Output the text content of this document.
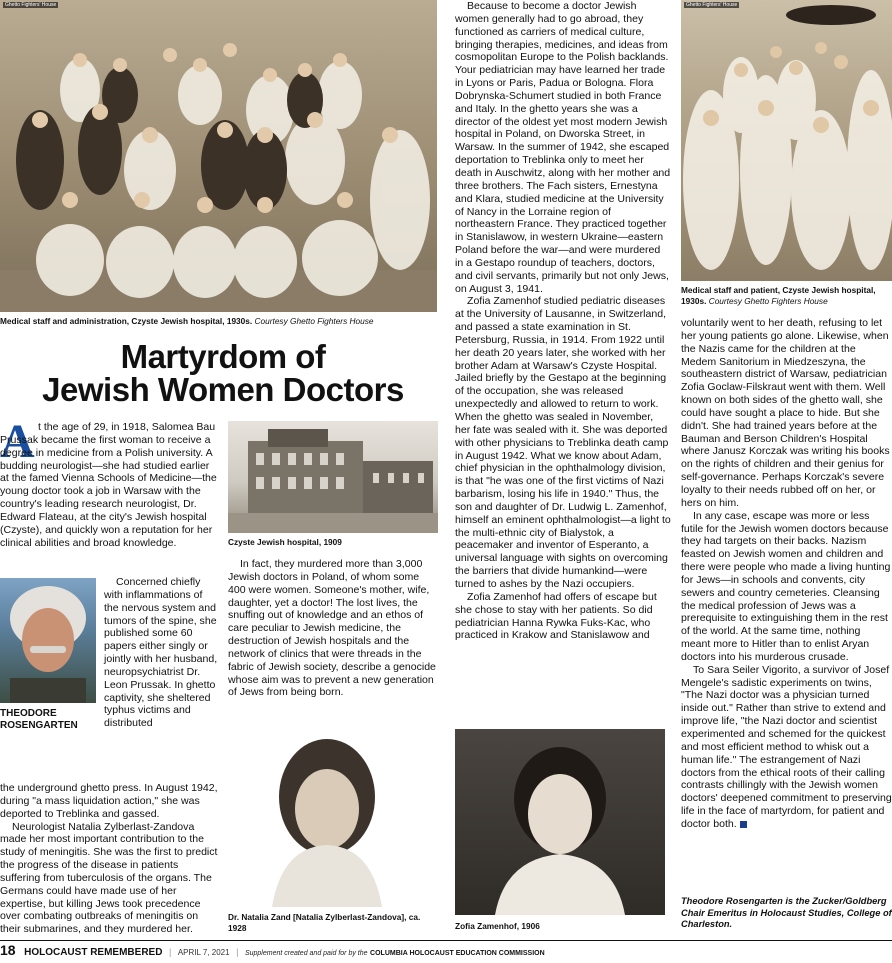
Ghetto Fighters' House
Medical staff and administration, Czyste Jewish hospital, 1930s. Courtesy Ghetto Fighters House
Ghetto Fighters' House
Medical staff and patient, Czyste Jewish hospital, 1930s. Courtesy Ghetto Fighters House
Martyrdom of
Jewish Women Doctors
A t the age of 29, in 1918, Salomea Bau Prussak became the first woman to receive a degree in medicine from a Polish university. A budding neurologist—she had studied earlier at the famed Vienna Schools of Medicine—the young doctor took a job in Warsaw with the country's leading research neurologist, Dr. Edward Flateau, at the city's Jewish hospital (Czyste), and quickly won a reputation for her clinical abilities and broad knowledge.

THEODORE
ROSENGARTEN

Concerned chiefly with inflammations of the nervous system and tumors of the spine, she published some 60 papers either singly or jointly with her husband, neuropsychiatrist Dr. Leon Prussak. In ghetto captivity, she sheltered typhus victims and distributed

the underground ghetto press. In August 1942, during "a mass liquidation action," she was deported to Treblinka and gassed.

Neurologist Natalia Zylberlast-Zandova made her most important contribution to the study of meningitis. She was the first to predict the progress of the disease in patients suffering from tuberculosis of the organs. The Germans could have made use of her expertise, but killing Jews took precedence over combating outbreaks of meningitis on their submarines, and they murdered her.

Czyste Jewish hospital, 1909

In fact, they murdered more than 3,000 Jewish doctors in Poland, of whom some 400 were women. Someone's mother, wife, daughter, yet a doctor! The lost lives, the snuffing out of knowledge and an ethos of care peculiar to Jewish medicine, the destruction of Jewish hospitals and the network of clinics that were threads in the fabric of Jewish society, describe a genocide whose aim was to prevent a new generation of Jews from being born.

Dr. Natalia Zand [Natalia Zylberlast-Zandova], ca. 1928

Because to become a doctor Jewish women generally had to go abroad, they functioned as carriers of medical culture, bringing therapies, medicines, and ideas from cosmopolitan Europe to the Polish backlands. Your pediatrician may have learned her trade in Lyons or Paris, Padua or Bologna. Flora Dobrynska-Schumert studied in both France and Italy. In the ghetto years she was a director of the oldest yet most modern Jewish hospital in Poland, on Dworska Street, in Warsaw. In the summer of 1942, she escaped deportation to Treblinka only to meet her death in Auschwitz, along with her mother and three brothers. The Fach sisters, Ernestyna and Klara, studied medicine at the University of Nancy in the Lorraine region of northeastern France. They practiced together in Stanislawow, in western Ukraine—eastern Poland before the war—and were murdered in a Gestapo roundup of teachers, doctors, and civil servants, primarily but not only Jews, on August 3, 1941.

Zofia Zamenhof studied pediatric diseases at the University of Lausanne, in Switzerland, and passed a state examination in St. Petersburg, Russia, in 1914. From 1922 until her death 20 years later, she worked with her brother Adam at Warsaw's Czyste Hospital. Jailed briefly by the Gestapo at the beginning of the occupation, she was released unexpectedly and allowed to return to work. When the ghetto was sealed in November, her fate was sealed with it. She was deported with other physicians to Treblinka death camp in August 1942. What we know about Adam, chief physician in the ophthalmology division, is that "he was one of the first victims of Nazi barbarism, losing his life in 1940." Thus, the son and daughter of Dr. Ludwig L. Zamenhof, himself an eminent ophthalmologist—a light to the multi-ethnic city of Bialystok, a peacemaker and inventor of Esperanto, a universal language with sights on overcoming the barriers that divide humankind—were turned to ashes by the Nazi occupiers.

Zofia Zamenhof had offers of escape but she chose to stay with her patients. So did pediatrician Hanna Rywka Fuks-Kac, who practiced in Krakow and Stanislawow and

Zofia Zamenhof, 1906

voluntarily went to her death, refusing to let her young patients go alone. Likewise, when the Nazis came for the children at the Medem Sanitorium in Miedzeszyna, the southeastern district of Warsaw, pediatrician Zofia Goclaw-Filskraut went with them. Well known on both sides of the ghetto wall, she could have sought a place to hide. But she didn't. She had trained years before at the Bauman and Berson Children's Hospital where Janusz Korczak was writing his books on the rights of children and their genius for self-governance. Perhaps Korczak's severe loyalty to their needs rubbed off on her, or hers on him.

In any case, escape was more or less futile for the Jewish women doctors because they had targets on their backs. Nazism feasted on Jewish women and children and there were people who made a living hunting for Jews—in schools and convents, city sewers and country cemeteries. Cleansing the medical profession of Jews was a prerequisite to extinguishing them in the rest of the world. At the same time, nothing meant more to Hitler than to enlist Aryan doctors into his murderous crusade.

To Sara Seiler Vigorito, a survivor of Josef Mengele's sadistic experiments on twins, "The Nazi doctor was a physician turned inside out." Rather than strive to extend and improve life, "the Nazi doctor and scientist experimented and schemed for the quickest and most efficient method to whisk out a human life." The estrangement of Nazi doctors from the ethical roots of their calling contrasts chillingly with the Jewish women doctors' deepened commitment to preserving life in the face of martyrdom, for patient and doctor both.

Theodore Rosengarten is the Zucker/Goldberg Chair Emeritus in Holocaust Studies, College of Charleston.
18 HOLOCAUST REMEMBERED | APRIL 7, 2021 | Supplement created and paid for by the COLUMBIA HOLOCAUST EDUCATION COMMISSION
